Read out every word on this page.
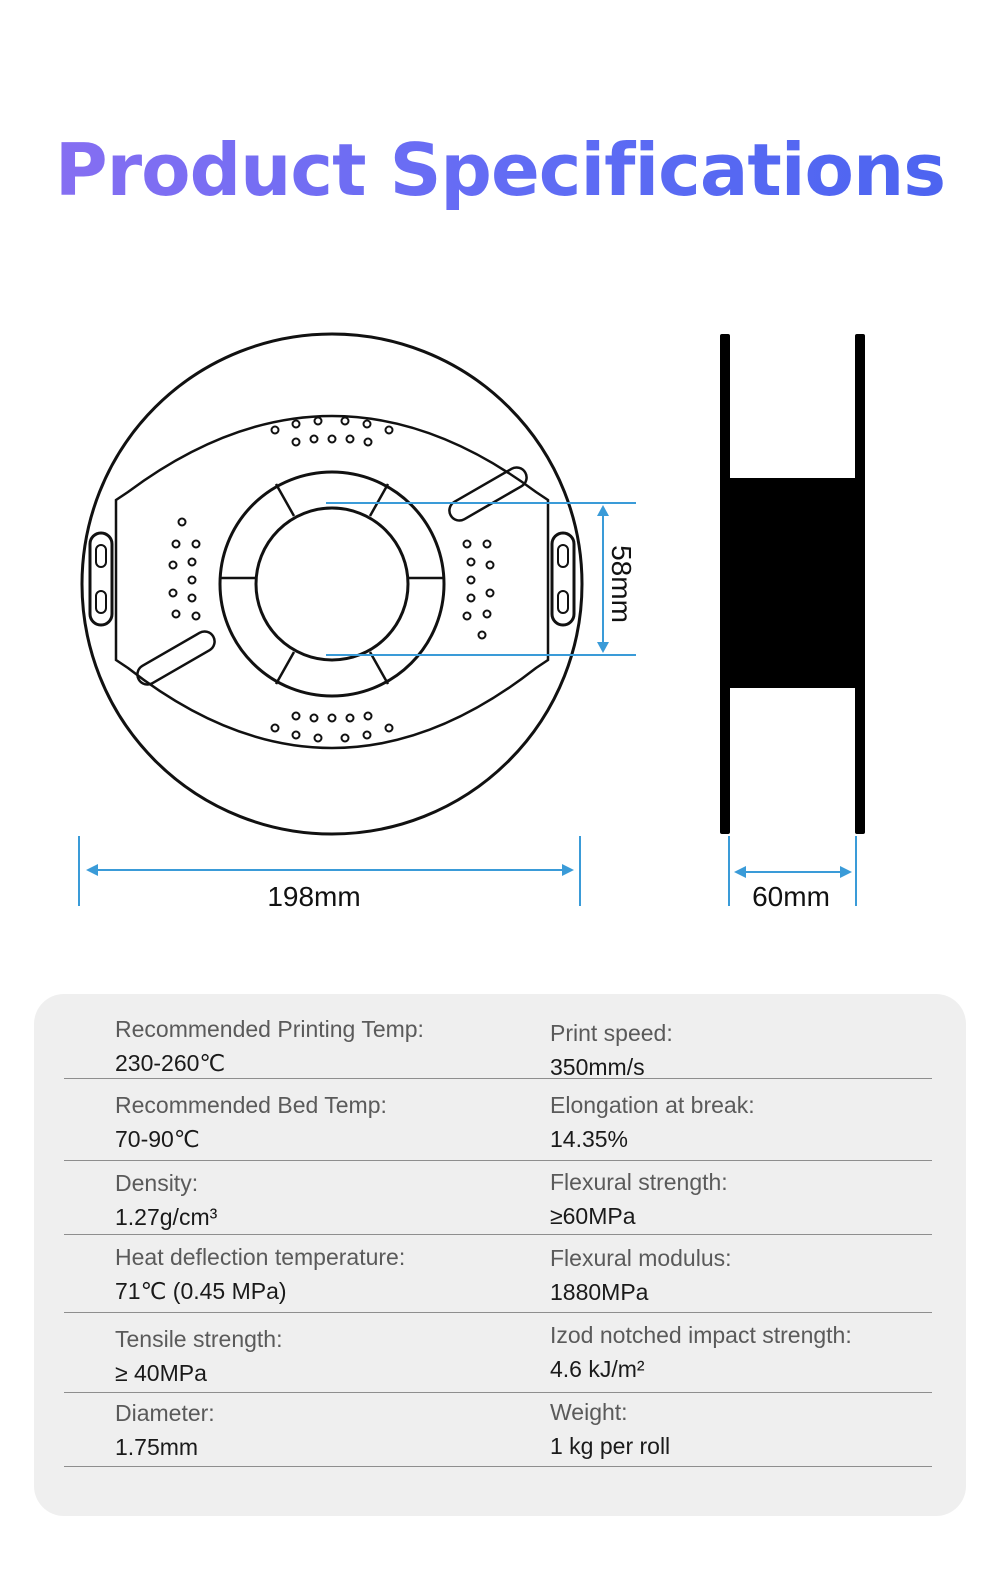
Product Specifications
198mm	60mm
58mm
Recommended Printing Temp:
230-260℃
Print speed:
350mm/s
Recommended Bed Temp:
70-90℃
Elongation at break:
14.35%
Density:
1.27g/cm³
Flexural strength:
≥60MPa
Heat deflection temperature:
71℃ (0.45 MPa)
Flexural modulus:
1880MPa
Tensile strength:
≥ 40MPa
Izod notched impact strength:
4.6 kJ/m²
Diameter:
1.75mm
Weight:
1 kg per roll
